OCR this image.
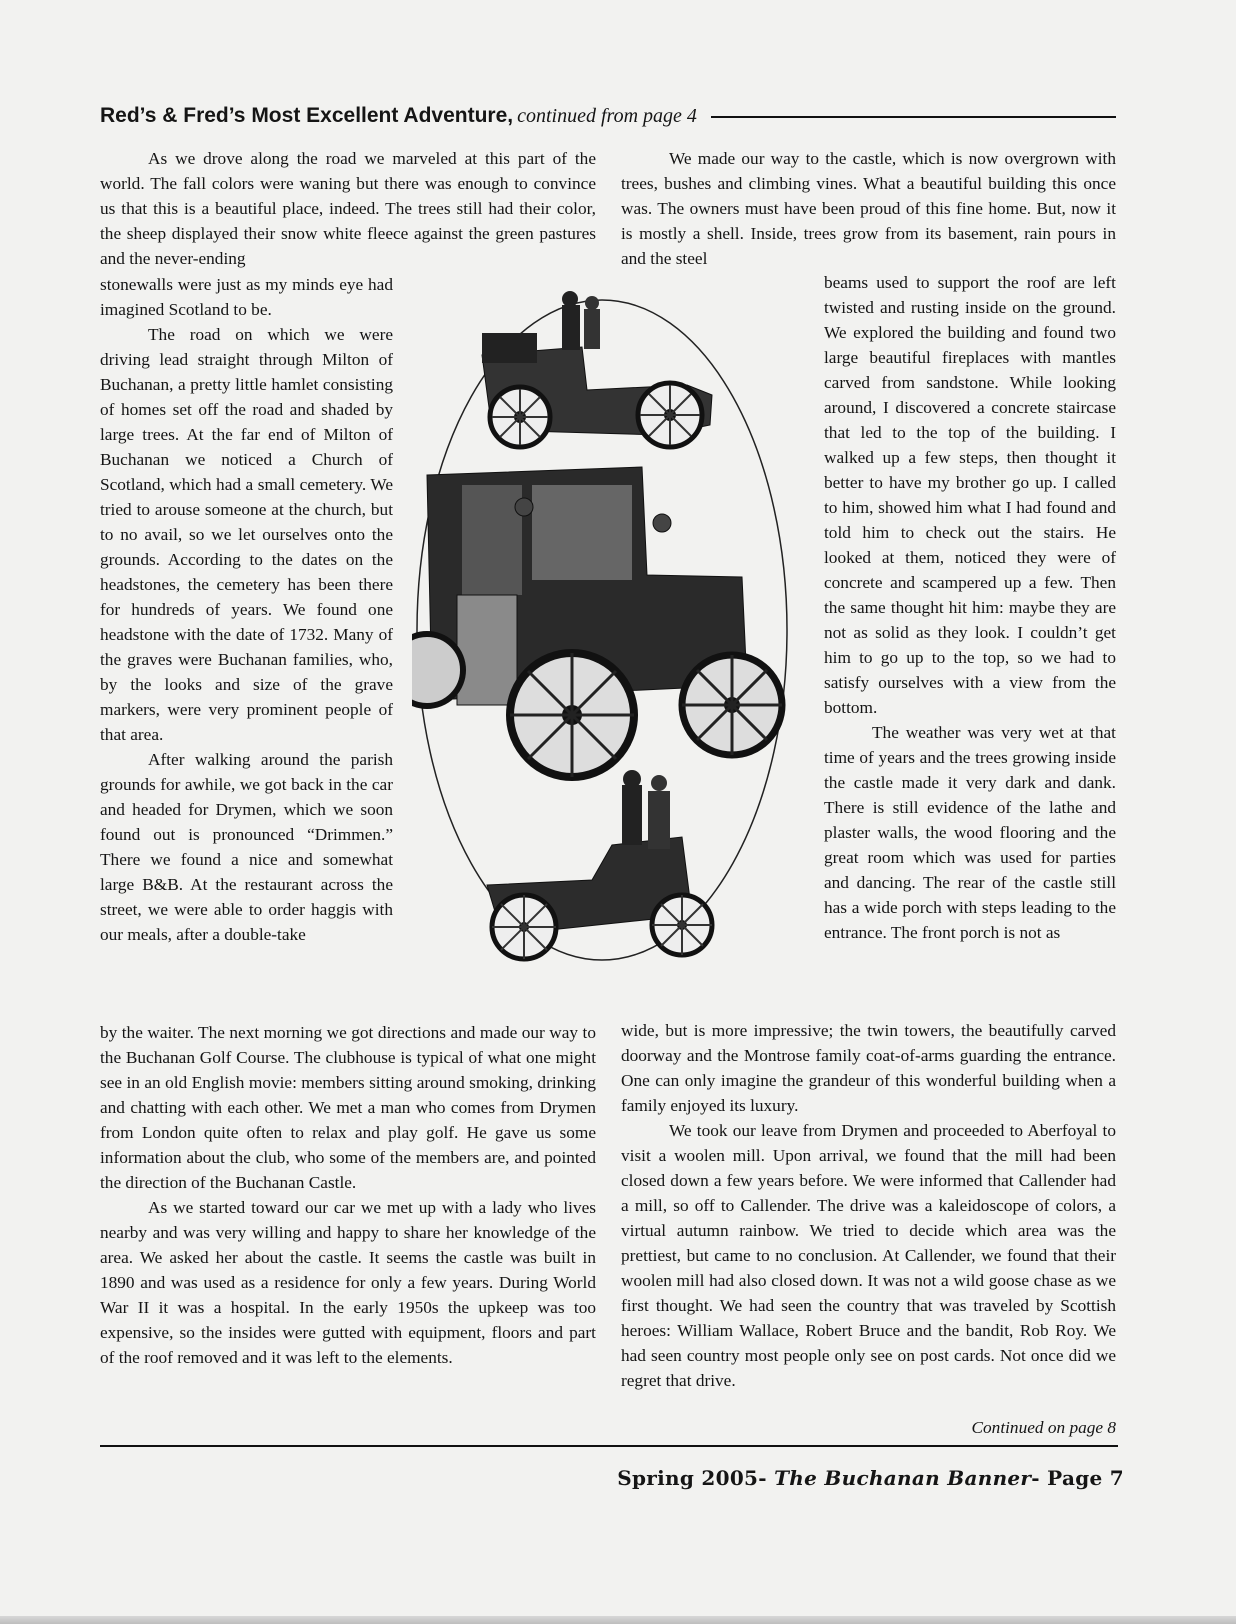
Red’s & Fred’s Most Excellent Adventure, continued from page 4

As we drove along the road we marveled at this part of the world. The fall colors were waning but there was enough to convince us that this is a beautiful place, indeed. The trees still had their color, the sheep displayed their snow white fleece against the green pastures and the never-ending

stonewalls were just as my minds eye had imagined Scotland to be.

The road on which we were driving lead straight through Milton of Buchanan, a pretty little hamlet consisting of homes set off the road and shaded by large trees. At the far end of Milton of Buchanan we noticed a Church of Scotland, which had a small cemetery. We tried to arouse someone at the church, but to no avail, so we let ourselves onto the grounds. According to the dates on the headstones, the cemetery has been there for hundreds of years. We found one headstone with the date of 1732. Many of the graves were Buchanan families, who, by the looks and size of the grave markers, were very prominent people of that area.

After walking around the parish grounds for awhile, we got back in the car and headed for Drymen, which we soon found out is pronounced “Drimmen.” There we found a nice and somewhat large B&B. At the restaurant across the street, we were able to order haggis with our meals, after a double-take

by the waiter. The next morning we got directions and made our way to the Buchanan Golf Course. The clubhouse is typical of what one might see in an old English movie: members sitting around smoking, drinking and chatting with each other. We met a man who comes from Drymen from London quite often to relax and play golf. He gave us some information about the club, who some of the members are, and pointed the direction of the Buchanan Castle.

As we started toward our car we met up with a lady who lives nearby and was very willing and happy to share her knowledge of the area. We asked her about the castle. It seems the castle was built in 1890 and was used as a residence for only a few years. During World War II it was a hospital. In the early 1950s the upkeep was too expensive, so the insides were gutted with equipment, floors and part of the roof removed and it was left to the elements.

We made our way to the castle, which is now overgrown with trees, bushes and climbing vines. What a beautiful building this once was. The owners must have been proud of this fine home. But, now it is mostly a shell. Inside, trees grow from its basement, rain pours in and the steel

beams used to support the roof are left twisted and rusting inside on the ground. We explored the building and found two large beautiful fireplaces with mantles carved from sandstone. While looking around, I discovered a concrete staircase that led to the top of the building. I walked up a few steps, then thought it better to have my brother go up. I called to him, showed him what I had found and told him to check out the stairs. He looked at them, noticed they were of concrete and scampered up a few. Then the same thought hit him: maybe they are not as solid as they look. I couldn’t get him to go up to the top, so we had to satisfy ourselves with a view from the bottom.

The weather was very wet at that time of years and the trees growing inside the castle made it very dark and dank. There is still evidence of the lathe and plaster walls, the wood flooring and the great room which was used for parties and dancing. The rear of the castle still has a wide porch with steps leading to the entrance. The front porch is not as

wide, but is more impressive; the twin towers, the beautifully carved doorway and the Montrose family coat-of-arms guarding the entrance. One can only imagine the grandeur of this wonderful building when a family enjoyed its luxury.

We took our leave from Drymen and proceeded to Aberfoyal to visit a woolen mill. Upon arrival, we found that the mill had been closed down a few years before. We were informed that Callender had a mill, so off to Callender. The drive was a kaleidoscope of colors, a virtual autumn rainbow. We tried to decide which area was the prettiest, but came to no conclusion. At Callender, we found that their woolen mill had also closed down. It was not a wild goose chase as we first thought. We had seen the country that was traveled by Scottish heroes: William Wallace, Robert Bruce and the bandit, Rob Roy. We had seen country most people only see on post cards. Not once did we regret that drive.

Continued on page 8
Spring 2005- The Buchanan Banner- Page 7
